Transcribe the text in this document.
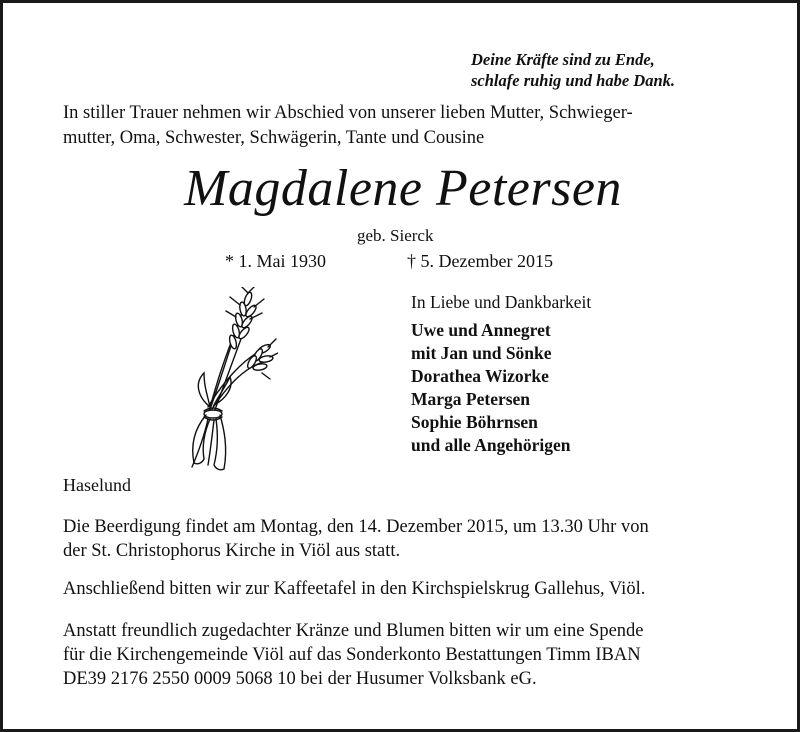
Deine Kräfte sind zu Ende,
schlafe ruhig und habe Dank.
In stiller Trauer nehmen wir Abschied von unserer lieben Mutter, Schwieger-
mutter, Oma, Schwester, Schwägerin, Tante und Cousine
Magdalene Petersen
geb. Sierck
* 1. Mai 1930	† 5. Dezember 2015
In Liebe und Dankbarkeit
Uwe und Annegret
mit Jan und Sönke
Dorathea Wizorke
Marga Petersen
Sophie Böhrnsen
und alle Angehörigen
Haselund
Die Beerdigung findet am Montag, den 14. Dezember 2015, um 13.30 Uhr von
der St. Christophorus Kirche in Viöl aus statt.
Anschließend bitten wir zur Kaffeetafel in den Kirchspielskrug Gallehus, Viöl.
Anstatt freundlich zugedachter Kränze und Blumen bitten wir um eine Spende
für die Kirchengemeinde Viöl auf das Sonderkonto Bestattungen Timm IBAN
DE39 2176 2550 0009 5068 10 bei der Husumer Volksbank eG.
